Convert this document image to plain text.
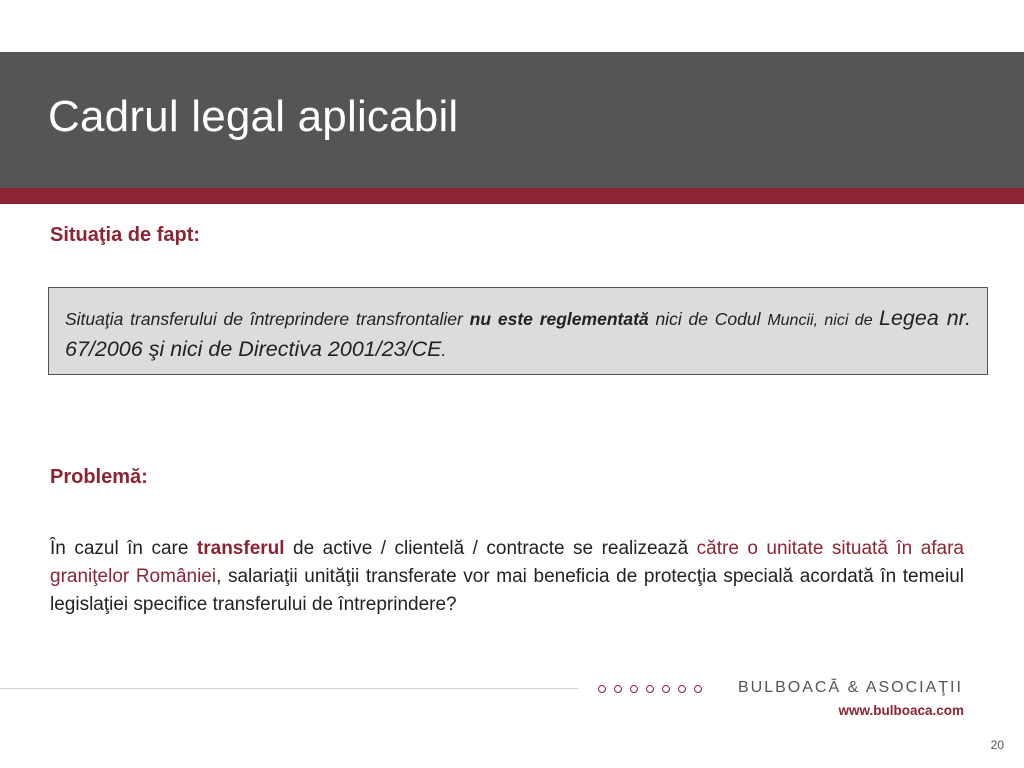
Cadrul legal aplicabil
Situaţia de fapt:
Situaţia transferului de întreprindere transfrontalier nu este reglementată nici de Codul Muncii, nici de Legea nr. 67/2006 şi nici de Directiva 2001/23/CE.
Problemă:
În cazul în care transferul de active / clientelă / contracte se realizează către o unitate situată în afara graniţelor României, salariaţii unităţii transferate vor mai beneficia de protecţia specială acordată în temeiul legislaţiei specifice transferului de întreprindere?
BULBOACĂ & ASOCIAŢII
www.bulboaca.com
20
